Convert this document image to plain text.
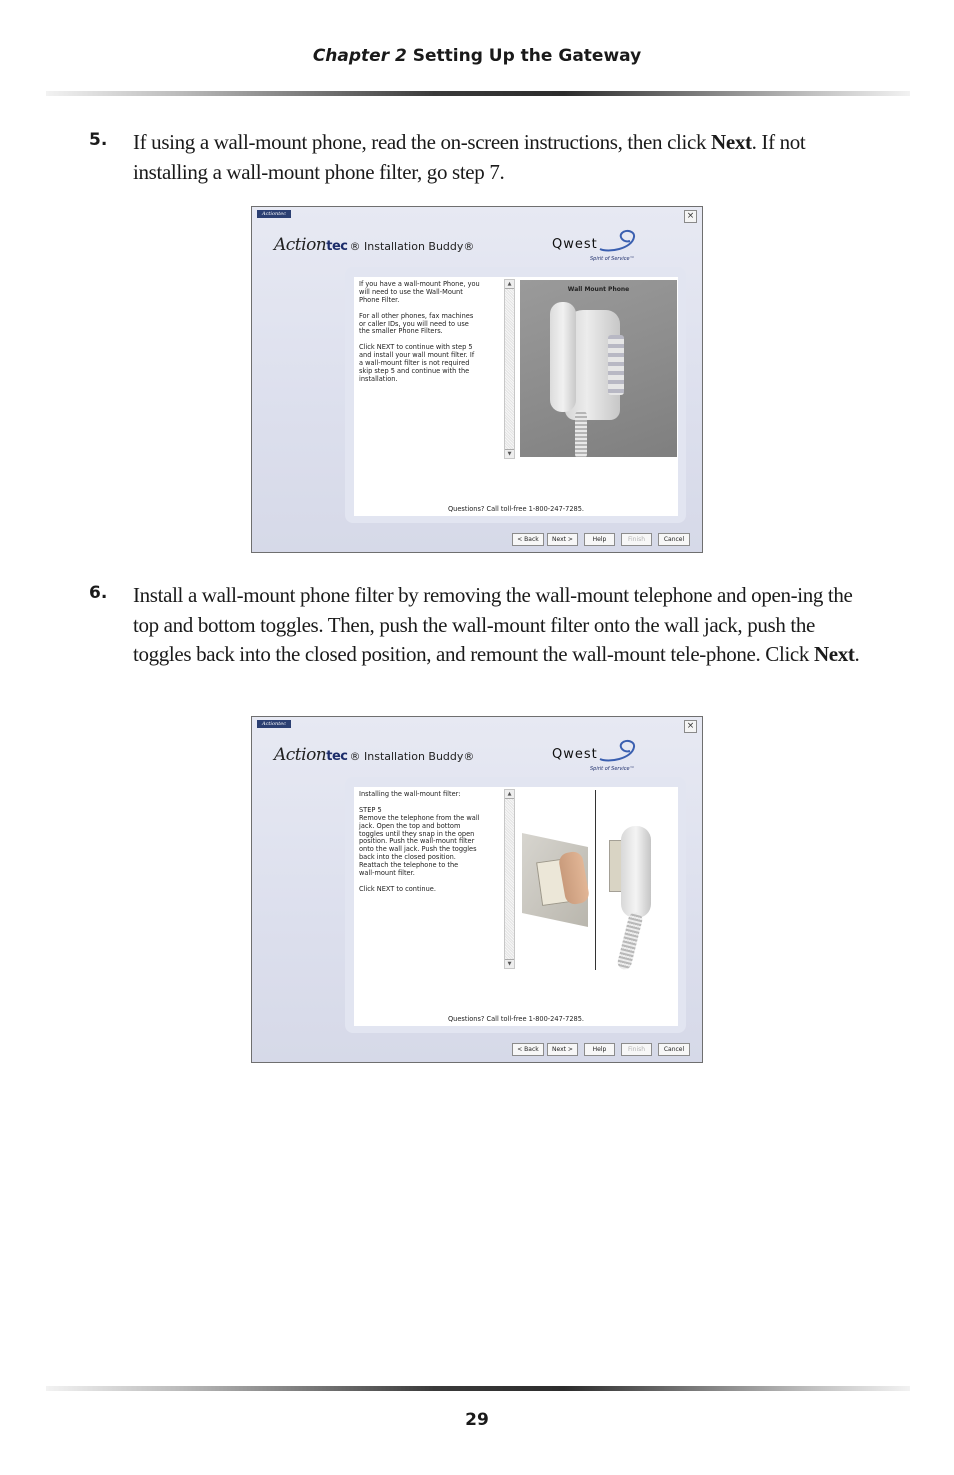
Chapter 2 Setting Up the Gateway
5. If using a wall-mount phone, read the on-screen instructions, then click Next. If not installing a wall-mount phone filter, go step 7.
Actiontec	×
Actiontec ® Installation Buddy®	Qwest
Spirit of Service™
If you have a wall-mount Phone, you
will need to use the Wall-Mount
Phone Filter.

For all other phones, fax machines
or caller IDs, you will need to use
the smaller Phone Filters.

Click NEXT to continue with step 5
and install your wall mount filter. If
a wall-mount filter is not required
skip step 5 and continue with the
installation.
▲
▼
Wall Mount Phone
Questions? Call toll-free 1-800-247-7285.
< Back	Next >	Help	Finish	Cancel
6. Install a wall-mount phone filter by removing the wall-mount telephone and open-ing the top and bottom toggles. Then, push the wall-mount filter onto the wall jack, push the toggles back into the closed position, and remount the wall-mount tele-phone. Click Next.
Actiontec	×
Actiontec ® Installation Buddy®	Qwest
Spirit of Service™
Installing the wall-mount filter:

STEP 5
Remove the telephone from the wall
jack. Open the top and bottom
toggles until they snap in the open
position. Push the wall-mount filter
onto the wall jack. Push the toggles
back into the closed position.
Reattach the telephone to the
wall-mount filter.

Click NEXT to continue.
▲
▼
Questions? Call toll-free 1-800-247-7285.
< Back	Next >	Help	Finish	Cancel
29
